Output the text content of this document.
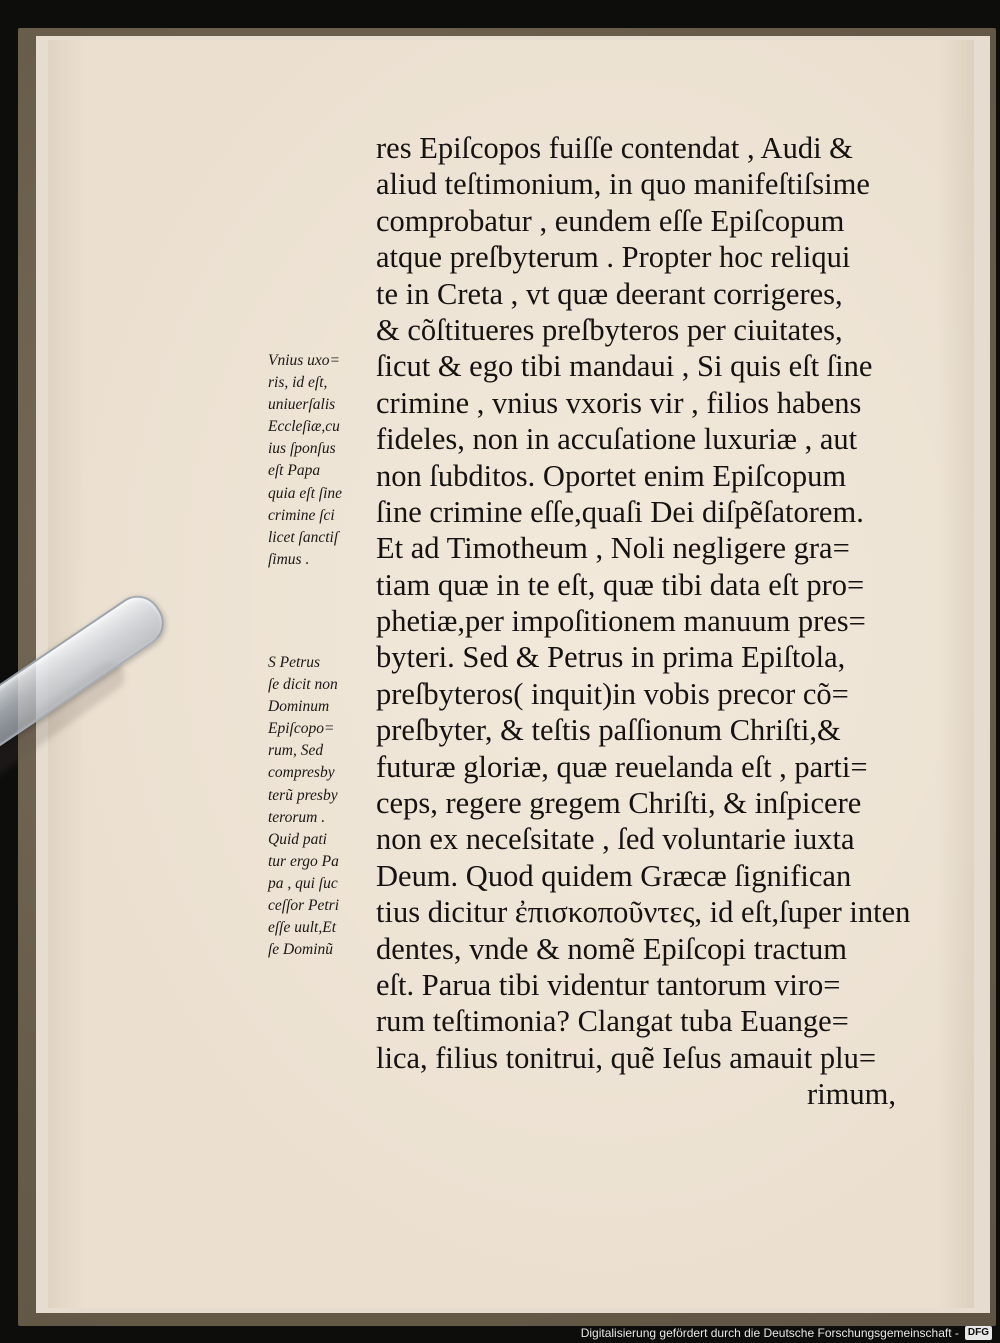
res Epiſcopos fuiſſe contendat , Audi &
aliud teſtimonium, in quo manifeſtiſsime
comprobatur , eundem eſſe Epiſcopum
atque preſbyterum . Propter hoc reliqui
te in Creta , vt quæ deerant corrigeres,
& cõſtitueres preſbyteros per ciuitates,
ſicut & ego tibi mandaui , Si quis eſt ſine
crimine , vnius vxoris vir , filios habens
fideles, non in accuſatione luxuriæ , aut
non ſubditos. Oportet enim Epiſcopum
ſine crimine eſſe,quaſi Dei diſpẽſatorem.
Et ad Timotheum , Noli negligere gra=
tiam quæ in te eſt, quæ tibi data eſt pro=
phetiæ,per impoſitionem manuum pres=
byteri. Sed & Petrus in prima Epiſtola,
preſbyteros( inquit)in vobis precor cõ=
preſbyter, & teſtis paſſionum Chriſti,&
futuræ gloriæ, quæ reuelanda eſt , parti=
ceps, regere gregem Chriſti, & inſpicere
non ex neceſsitate , ſed voluntarie iuxta
Deum. Quod quidem Græcæ ſignifican
tius dicitur ἐπισκοποῦντες, id eſt,ſuper inten
dentes, vnde & nomẽ Epiſcopi tractum
eſt. Parua tibi videntur tantorum viro=
rum teſtimonia? Clangat tuba Euange=
lica, filius tonitrui, quẽ Ieſus amauit plu=
rimum,
Vnius uxo=
ris, id eſt,
uniuerſalis
Eccleſiæ,cu
ius ſponſus
eſt Papa
quia eſt ſine
crimine ſci
licet ſanctiſ
ſimus .
S Petrus
ſe dicit non
Dominum
Epiſcopo=
rum, Sed
compresby
terũ presby
terorum .
Quid pati
tur ergo Pa
pa , qui ſuc
ceſſor Petri
eſſe uult,Et
ſe Dominũ
Digitalisierung gefördert durch die Deutsche Forschungsgemeinschaft - DFG
